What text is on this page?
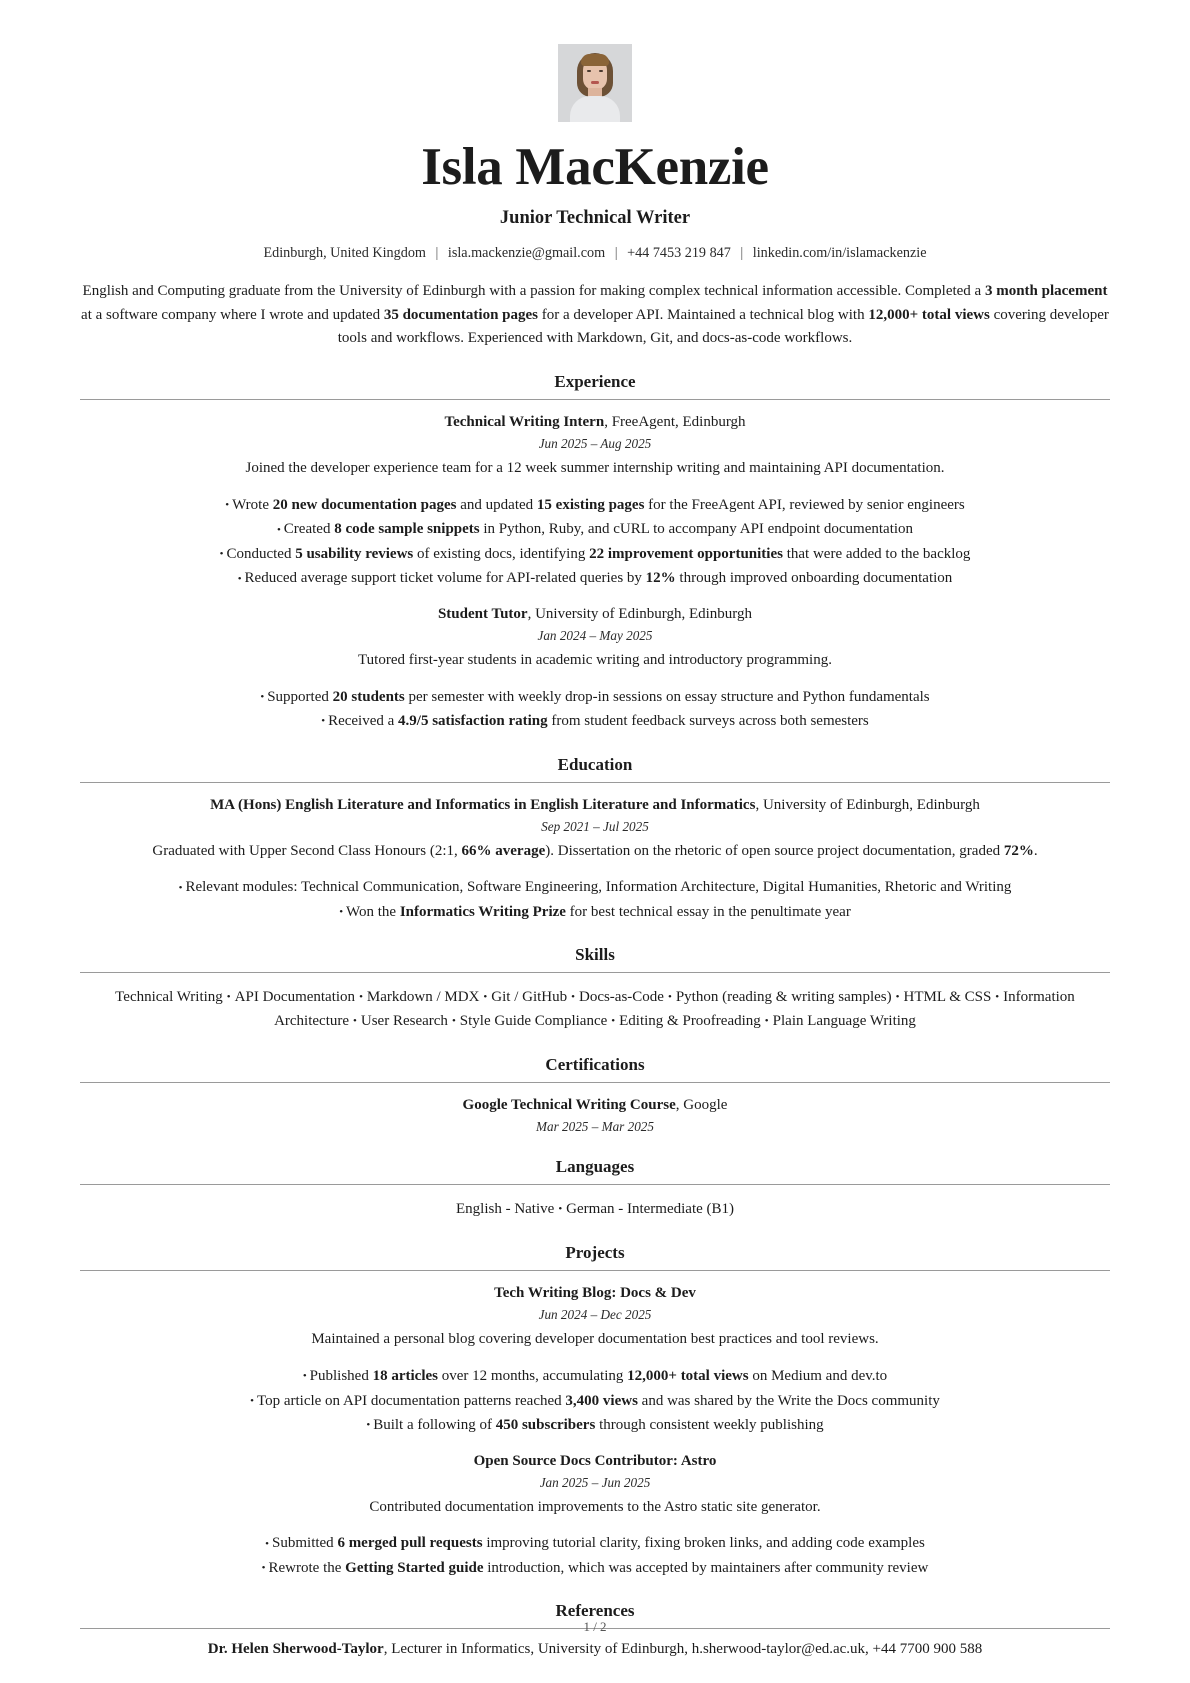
Isla MacKenzie
Junior Technical Writer
Edinburgh, United Kingdom | isla.mackenzie@gmail.com | +44 7453 219 847 | linkedin.com/in/islamackenzie
English and Computing graduate from the University of Edinburgh with a passion for making complex technical information accessible. Completed a 3 month placement at a software company where I wrote and updated 35 documentation pages for a developer API. Maintained a technical blog with 12,000+ total views covering developer tools and workflows. Experienced with Markdown, Git, and docs-as-code workflows.
Experience
Technical Writing Intern, FreeAgent, Edinburgh
Jun 2025 – Aug 2025
Joined the developer experience team for a 12 week summer internship writing and maintaining API documentation.
• Wrote 20 new documentation pages and updated 15 existing pages for the FreeAgent API, reviewed by senior engineers
• Created 8 code sample snippets in Python, Ruby, and cURL to accompany API endpoint documentation
• Conducted 5 usability reviews of existing docs, identifying 22 improvement opportunities that were added to the backlog
• Reduced average support ticket volume for API-related queries by 12% through improved onboarding documentation
Student Tutor, University of Edinburgh, Edinburgh
Jan 2024 – May 2025
Tutored first-year students in academic writing and introductory programming.
• Supported 20 students per semester with weekly drop-in sessions on essay structure and Python fundamentals
• Received a 4.9/5 satisfaction rating from student feedback surveys across both semesters
Education
MA (Hons) English Literature and Informatics in English Literature and Informatics, University of Edinburgh, Edinburgh
Sep 2021 – Jul 2025
Graduated with Upper Second Class Honours (2:1, 66% average). Dissertation on the rhetoric of open source project documentation, graded 72%.
• Relevant modules: Technical Communication, Software Engineering, Information Architecture, Digital Humanities, Rhetoric and Writing
• Won the Informatics Writing Prize for best technical essay in the penultimate year
Skills
Technical Writing • API Documentation • Markdown / MDX • Git / GitHub • Docs-as-Code • Python (reading & writing samples) • HTML & CSS • Information Architecture • User Research • Style Guide Compliance • Editing & Proofreading • Plain Language Writing
Certifications
Google Technical Writing Course, Google
Mar 2025 – Mar 2025
Languages
English - Native • German - Intermediate (B1)
Projects
Tech Writing Blog: Docs & Dev
Jun 2024 – Dec 2025
Maintained a personal blog covering developer documentation best practices and tool reviews.
• Published 18 articles over 12 months, accumulating 12,000+ total views on Medium and dev.to
• Top article on API documentation patterns reached 3,400 views and was shared by the Write the Docs community
• Built a following of 450 subscribers through consistent weekly publishing
Open Source Docs Contributor: Astro
Jan 2025 – Jun 2025
Contributed documentation improvements to the Astro static site generator.
• Submitted 6 merged pull requests improving tutorial clarity, fixing broken links, and adding code examples
• Rewrote the Getting Started guide introduction, which was accepted by maintainers after community review
References
Dr. Helen Sherwood-Taylor, Lecturer in Informatics, University of Edinburgh, h.sherwood-taylor@ed.ac.uk, +44 7700 900 588
1 / 2
